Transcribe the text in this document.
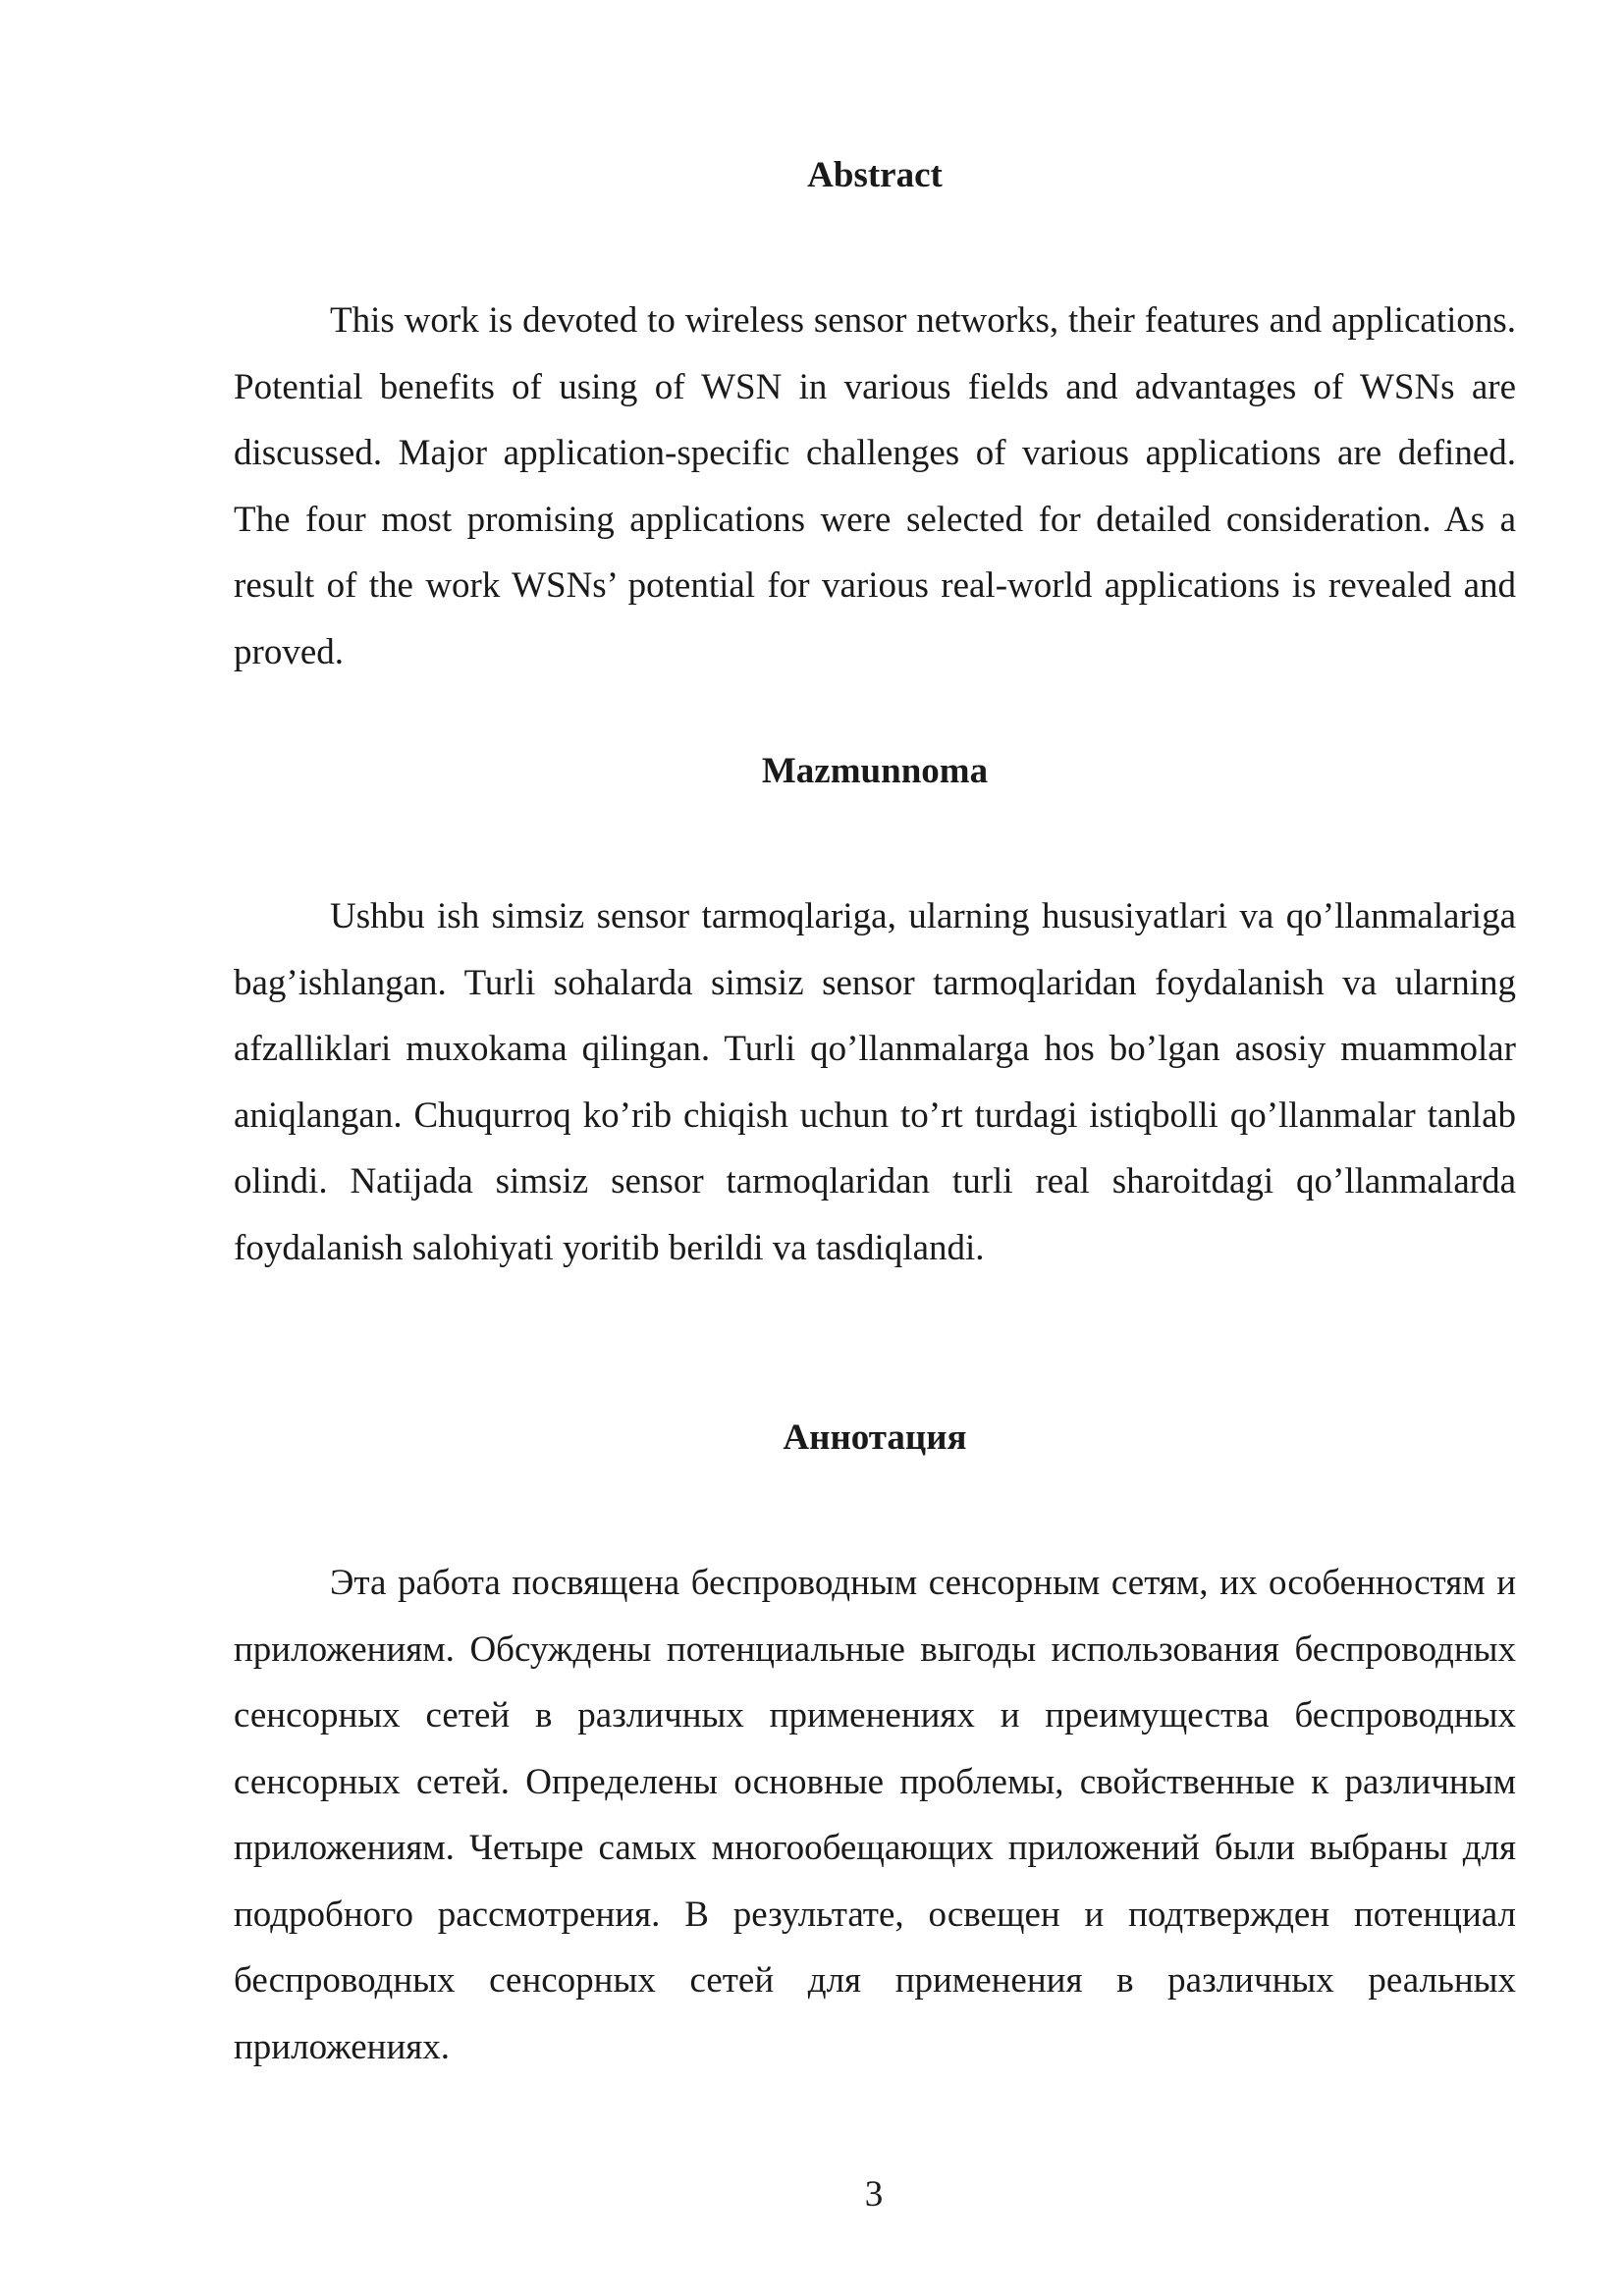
Abstract

This work is devoted to wireless sensor networks, their features and applications. Potential benefits of using of WSN in various fields and advantages of WSNs are discussed. Major application-specific challenges of various applications are defined. The four most promising applications were selected for detailed consideration. As a result of the work WSNs’ potential for various real-world applications is revealed and proved.

Mazmunnoma

Ushbu ish simsiz sensor tarmoqlariga, ularning hususiyatlari va qo’llanmalariga bag’ishlangan. Turli sohalarda simsiz sensor tarmoqlaridan foydalanish va ularning afzalliklari muxokama qilingan. Turli qo’llanmalarga hos bo’lgan asosiy muammolar aniqlangan. Chuqurroq ko’rib chiqish uchun to’rt turdagi istiqbolli qo’llanmalar tanlab olindi. Natijada simsiz sensor tarmoqlaridan turli real sharoitdagi qo’llanmalarda foydalanish salohiyati yoritib berildi va tasdiqlandi.

Аннотация

Эта работа посвящена беспроводным сенсорным сетям, их особенностям и приложениям. Обсуждены потенциальные выгоды использования беспроводных сенсорных сетей в различных применениях и преимущества беспроводных сенсорных сетей. Определены основные проблемы, свойственные к различным приложениям. Четыре самых многообещающих приложений были выбраны для подробного рассмотрения. В результате, освещен и подтвержден потенциал беспроводных сенсорных сетей для применения в различных реальных приложениях.

3
